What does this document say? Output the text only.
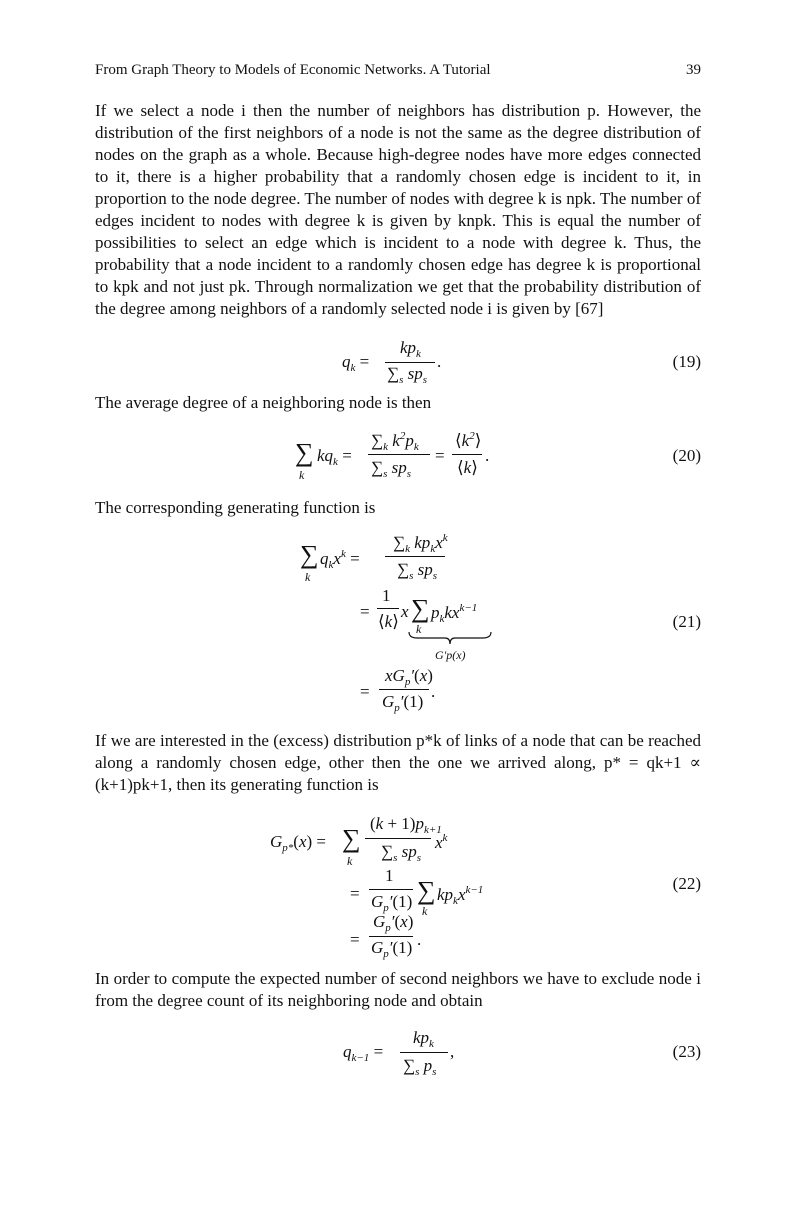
From Graph Theory to Models of Economic Networks. A Tutorial	39
If we select a node i then the number of neighbors has distribution p. However, the distribution of the first neighbors of a node is not the same as the degree distribution of nodes on the graph as a whole. Because high-degree nodes have more edges connected to it, there is a higher probability that a randomly chosen edge is incident to it, in proportion to the node degree. The number of nodes with degree k is npk. The number of edges incident to nodes with degree k is given by knpk. This is equal the number of possibilities to select an edge which is incident to a node with degree k. Thus, the probability that a node incident to a randomly chosen edge has degree k is proportional to kpk and not just pk. Through normalization we get that the probability distribution of the degree among neighbors of a randomly selected node i is given by [67]
$q_k$ =
$kp_k$
$\sum_s$ $sp_s$
.	(19)
The average degree of a neighboring node is then
∑
k
$kq_k$ =
$\sum_k$ $k^2p_k$
$\sum_s$ $sp_s$
=
$⟨k^2⟩$
⟨k⟩
.	(20)
The corresponding generating function is
∑
k
$q_kx^k$ =
$\sum_k$ $kp_kx^k$
$\sum_s$ $sp_s$
=
1
⟨k⟩
x ∑
k
$p_kkx^{k-1}$
G'p(x)
=
$xG_p'(x)$
$G_p'(1)$
.
(21)
If we are interested in the (excess) distribution p*k of links of a node that can be reached along a randomly chosen edge, other then the one we arrived along, p* = qk+1 ∝ (k+1)pk+1, then its generating function is
$G_{p*}(x)$ = ∑
k
$(k + 1)p_{k+1}$
$\sum_s$ $sp_s$
$x^k$
=
1
$G_p'(1)$ ∑
k
$kp_kx^{k-1}$
=
$G_p'(x)$
$G_p'(1)$ .
(22)
In order to compute the expected number of second neighbors we have to exclude node i from the degree count of its neighboring node and obtain
$q_{k-1}$ =
$kp_k$
$\sum_s$ $p_s$
,	(23)
